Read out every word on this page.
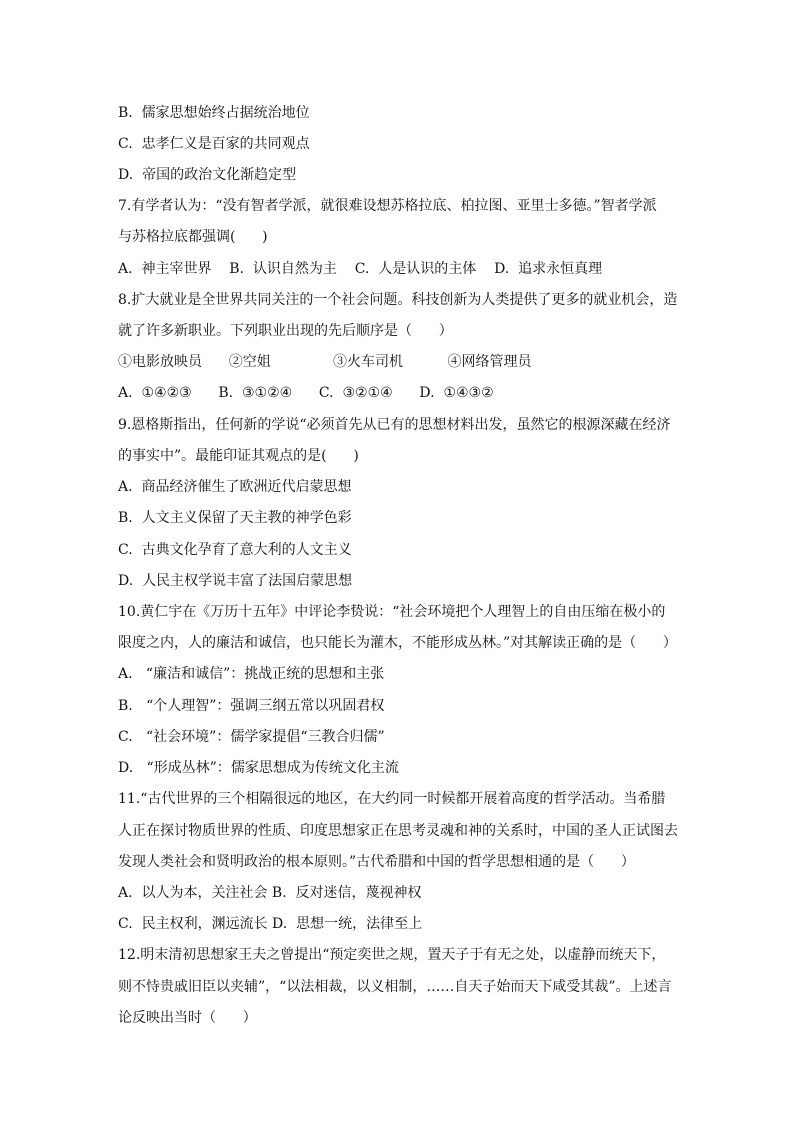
B.  儒家思想始终占据统治地位
C.  忠孝仁义是百家的共同观点
D.  帝国的政治文化渐趋定型
7.有学者认为：“没有智者学派，就很难设想苏格拉底、柏拉图、亚里士多德。”智者学派
与苏格拉底都强调(      )
A.  神主宰世界    B.  认识自然为主    C.  人是认识的主体    D.  追求永恒真理
8.扩大就业是全世界共同关注的一个社会问题。科技创新为人类提供了更多的就业机会，造
就了许多新职业。下列职业出现的先后顺序是（      ）
①电影放映员      ②空姐              ③火车司机          ④网络管理员
A.  ①④②③      B.  ③①②④      C.  ③②①④      D.  ①④③②
9.恩格斯指出，任何新的学说“必须首先从已有的思想材料出发，虽然它的根源深藏在经济
的事实中”。最能印证其观点的是(      )
A.  商品经济催生了欧洲近代启蒙思想
B.  人文主义保留了天主教的神学色彩
C.  古典文化孕育了意大利的人文主义
D.  人民主权学说丰富了法国启蒙思想
10.黄仁宇在《万历十五年》中评论李贽说：“社会环境把个人理智上的自由压缩在极小的
限度之内，人的廉洁和诚信，也只能长为灌木，不能形成丛林。”对其解读正确的是（      ）
A.   “廉洁和诚信”：挑战正统的思想和主张
B.   “个人理智”：强调三纲五常以巩固君权
C.   “社会环境”：儒学家提倡“三教合归儒”
D.   “形成丛林”：儒家思想成为传统文化主流
11.“古代世界的三个相隔很远的地区，在大约同一时候都开展着高度的哲学活动。当希腊
人正在探讨物质世界的性质、印度思想家正在思考灵魂和神的关系时，中国的圣人正试图去
发现人类社会和贤明政治的根本原则。”古代希腊和中国的哲学思想相通的是（      ）
A.  以人为本，关注社会 B.  反对迷信，蔑视神权
C.  民主权利，渊远流长 D.  思想一统，法律至上
12.明末清初思想家王夫之曾提出“预定奕世之规，置天子于有无之处，以虚静而统天下，
则不恃贵戚旧臣以夹辅”，“以法相裁，以义相制，……自天子始而天下咸受其裁”。上述言
论反映出当时（      ）
